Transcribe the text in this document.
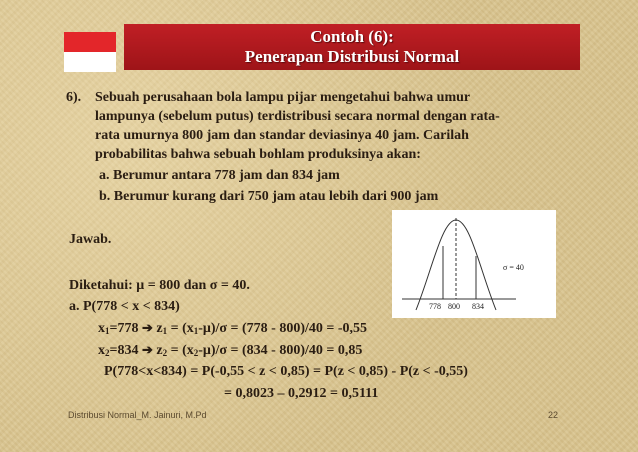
Contoh (6):
Penerapan Distribusi Normal
6). Sebuah perusahaan bola lampu pijar mengetahui bahwa umur
lampunya (sebelum putus) terdistribusi secara normal dengan rata-
rata umurnya 800 jam dan standar deviasinya 40 jam. Carilah
probabilitas bahwa sebuah bohlam produksinya akan:
a. Berumur antara 778 jam dan 834 jam
b. Berumur kurang dari 750 jam atau lebih dari 900 jam
Jawab.
Diketahui: μ = 800 dan σ = 40.
a. P(778 < x < 834)
$x_1=778$ ➔ $z_1 = (x_1-\mu)/\sigma = (778 - 800)/40 = -0,55$
$x_2=834$ ➔ $z_2 = (x_2-\mu)/\sigma = (834 - 800)/40 = 0,85$
P(778<x<834) = P(-0,55 < z < 0,85) = P(z < 0,85) - P(z < -0,55)
= 0,8023 – 0,2912 = 0,5111
σ = 40
778 800 834
Distribusi Normal_M. Jainuri, M.Pd	22
